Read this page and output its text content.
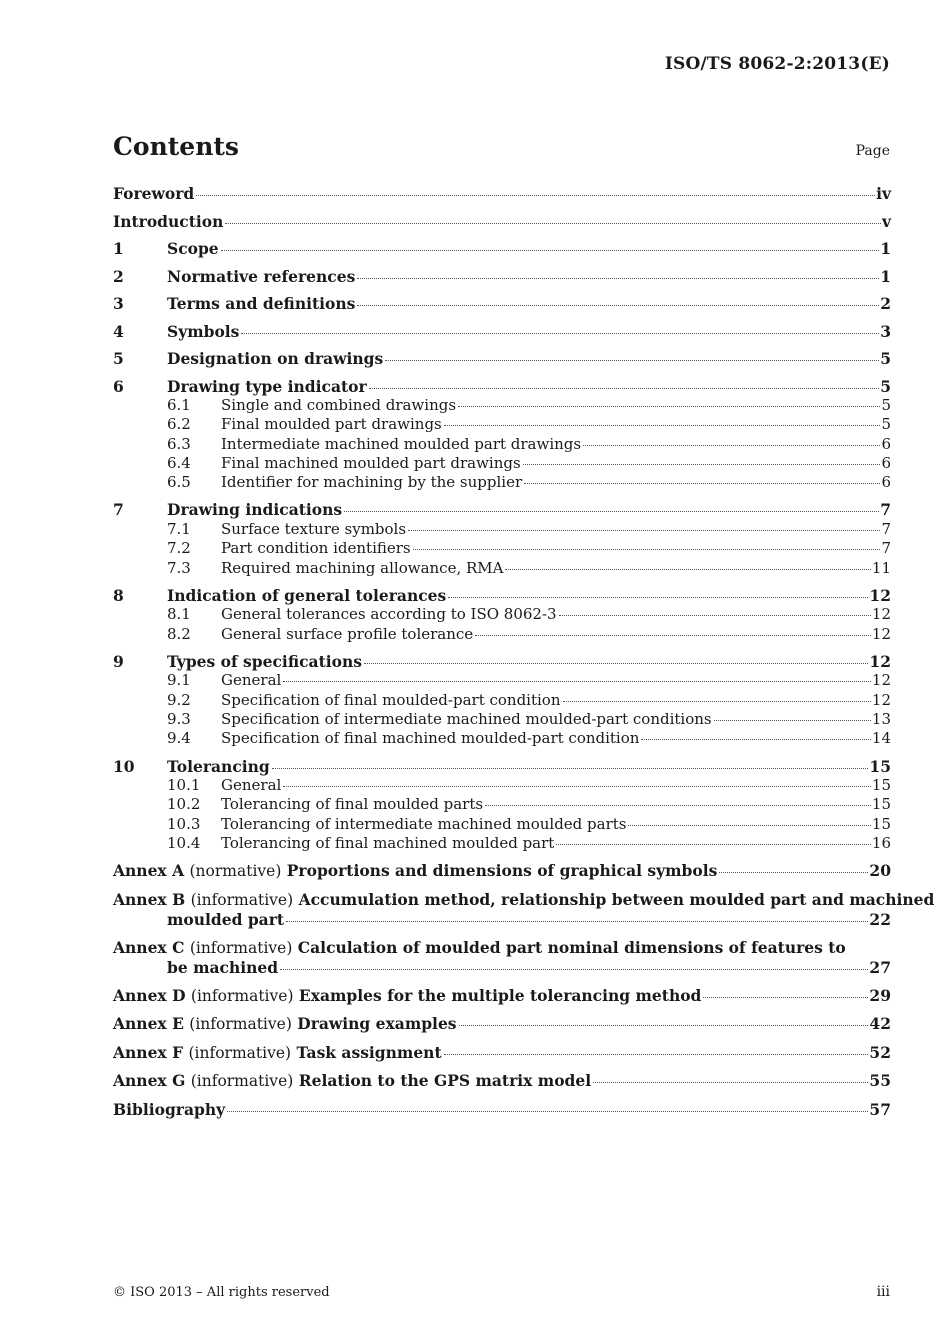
ISO/TS 8062-2:2013(E)
Contents	Page
Foreword	iv
Introduction	v
1	Scope	1
2	Normative references	1
3	Terms and definitions	2
4	Symbols	3
5	Designation on drawings	5
6	Drawing type indicator	5
6.1	Single and combined drawings	5
6.2	Final moulded part drawings	5
6.3	Intermediate machined moulded part drawings	6
6.4	Final machined moulded part drawings	6
6.5	Identifier for machining by the supplier	6
7	Drawing indications	7
7.1	Surface texture symbols	7
7.2	Part condition identifiers	7
7.3	Required machining allowance, RMA	11
8	Indication of general tolerances	12
8.1	General tolerances according to ISO 8062-3	12
8.2	General surface profile tolerance	12
9	Types of specifications	12
9.1	General	12
9.2	Specification of final moulded-part condition	12
9.3	Specification of intermediate machined moulded-part conditions	13
9.4	Specification of final machined moulded-part condition	14
10	Tolerancing	15
10.1	General	15
10.2	Tolerancing of final moulded parts	15
10.3	Tolerancing of intermediate machined moulded parts	15
10.4	Tolerancing of final machined moulded part	16
Annex A (normative) Proportions and dimensions of graphical symbols	20
Annex B (informative) Accumulation method, relationship between moulded part and machined
moulded part	22
Annex C (informative) Calculation of moulded part nominal dimensions of features to
be machined	27
Annex D (informative) Examples for the multiple tolerancing method	29
Annex E (informative) Drawing examples	42
Annex F (informative) Task assignment	52
Annex G (informative) Relation to the GPS matrix model	55
Bibliography	57
© ISO 2013 – All rights reserved	iii
